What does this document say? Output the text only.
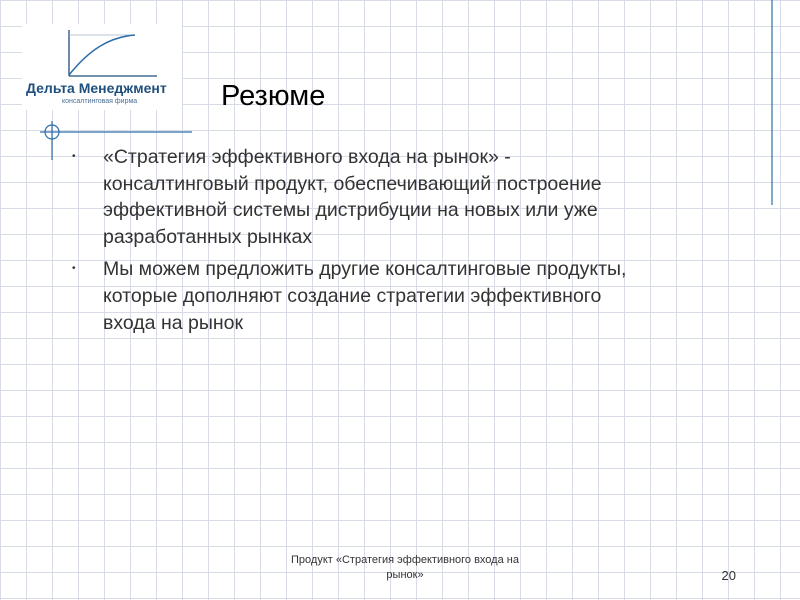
Дельта Менеджмент
консалтинговая фирма	Резюме
• «Стратегия эффективного входа на рынок» -
консалтинговый продукт, обеспечивающий построение
эффективной системы дистрибуции на новых или уже
разработанных рынках
• Мы можем предложить другие консалтинговые продукты,
которые дополняют создание стратегии эффективного
входа на рынок
Продукт «Стратегия эффективного входа на
рынок»	20
